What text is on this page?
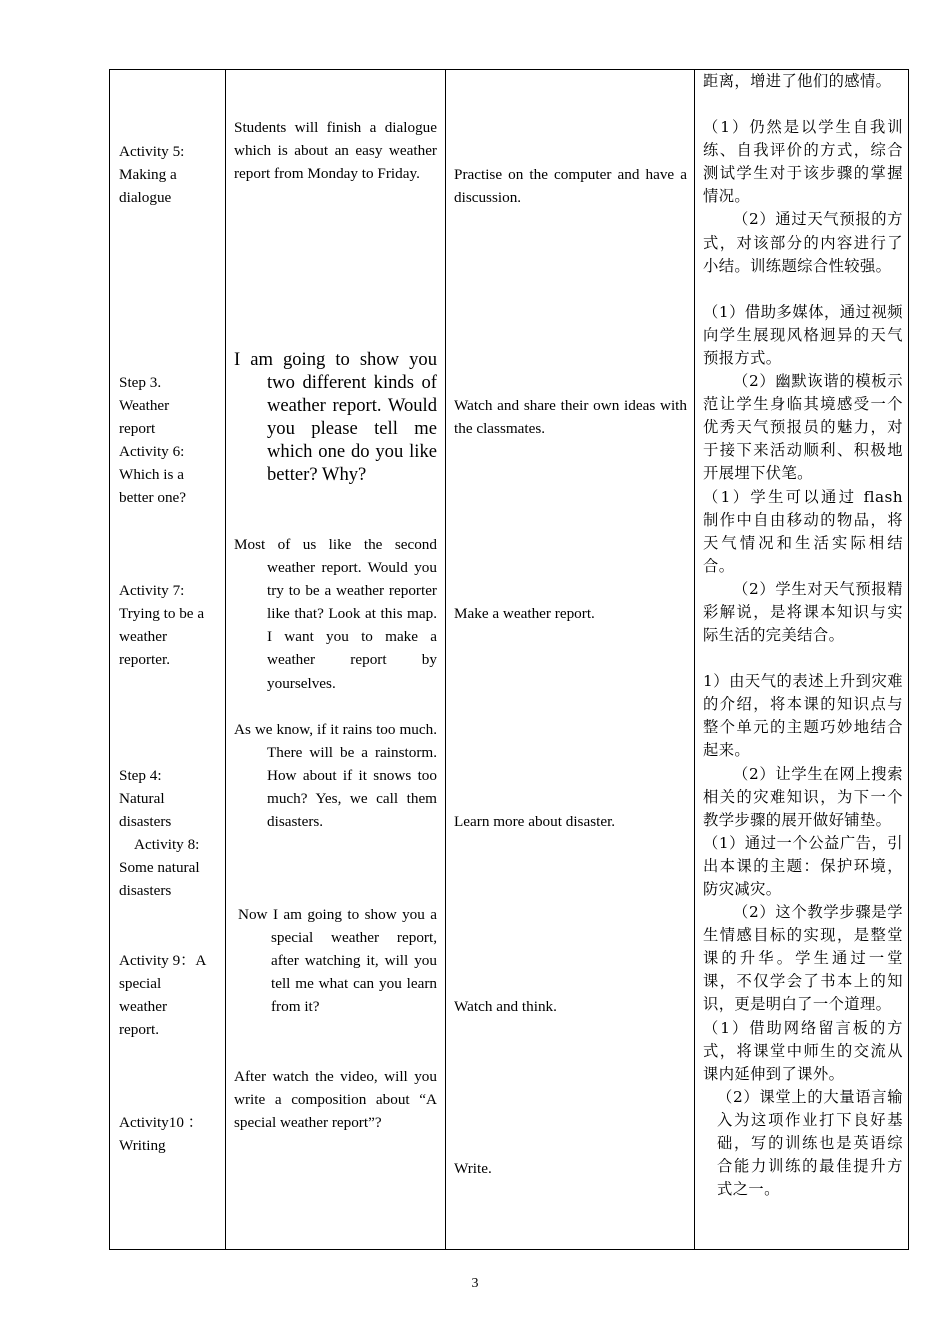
Activity 5:

Making a

dialogue

Step 3.

Weather

report

Activity 6:

Which is a

better one?

Activity 7:

Trying to be a

weather

reporter.

Step 4:

Natural

disasters

Activity 8:

Some natural

disasters

Activity 9：A

special

weather

report.

Activity10 ：

Writing

Students will finish a dialogue which is about an easy weather report from Monday to Friday.
I am going to show you two different kinds of weather report. Would you please tell me which one do you like better? Why?
Most of us like the second weather report. Would you try to be a weather reporter like that? Look at this map. I want you to make a weather report by yourselves.
As we know, if it rains too much. There will be a rainstorm. How about if it snows too much? Yes, we call them disasters.
Now I am going to show you a special weather report, after watching it, will you tell me what can you learn from it?
After watch the video, will you write a composition about “A special weather report”?
Practise on the computer and have a discussion.
Watch and share their own ideas with the classmates.
Make a weather report.
Learn more about disaster.
Watch and think.
Write.

距离，增进了他们的感情。

（1）仍然是以学生自我训练、自我评价的方式，综合测试学生对于该步骤的掌握情况。

（2）通过天气预报的方式，对该部分的内容进行了小结。训练题综合性较强。

（1）借助多媒体，通过视频向学生展现风格迥异的天气预报方式。

（2）幽默诙谐的模板示范让学生身临其境感受一个优秀天气预报员的魅力，对于接下来活动顺利、积极地开展埋下伏笔。

（1）学生可以通过 flash 制作中自由移动的物品，将天气情况和生活实际相结合。

（2）学生对天气预报精彩解说，是将课本知识与实际生活的完美结合。

1）由天气的表述上升到灾难的介绍，将本课的知识点与整个单元的主题巧妙地结合起来。

（2）让学生在网上搜索相关的灾难知识，为下一个教学步骤的展开做好铺垫。

（1）通过一个公益广告，引出本课的主题：保护环境，防灾减灾。

（2）这个教学步骤是学生情感目标的实现，是整堂课的升华。学生通过一堂课，不仅学会了书本上的知识，更是明白了一个道理。

（1）借助网络留言板的方式，将课堂中师生的交流从课内延伸到了课外。

（2）课堂上的大量语言输入为这项作业打下良好基础，写的训练也是英语综合能力训练的最佳提升方式之一。

3
